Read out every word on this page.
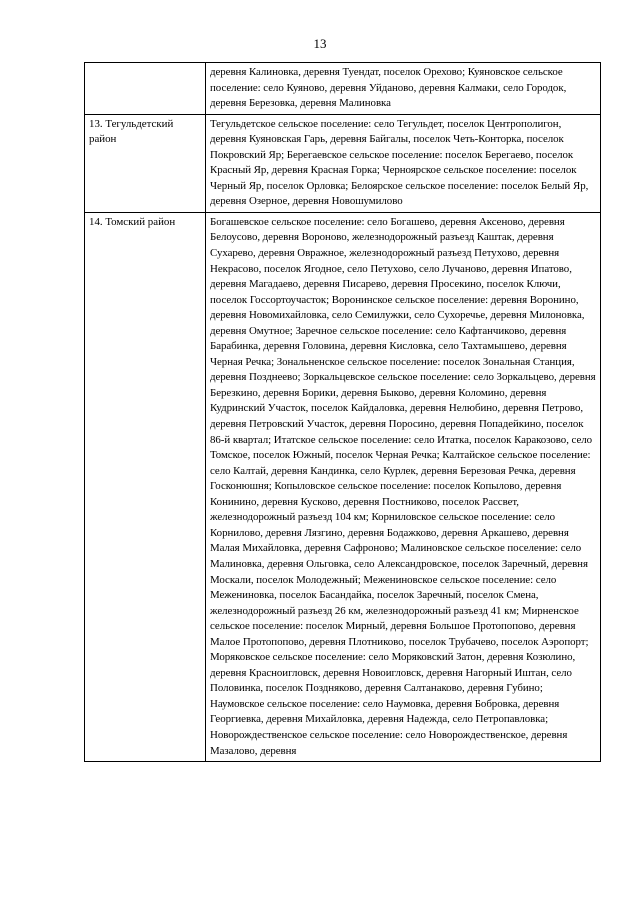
13

	деревня Калиновка, деревня Туендат, поселок Орехово; Куяновское сельское поселение: село Куяново, деревня Уйданово, деревня Калмаки, село Городок, деревня Березовка, деревня Малиновка

13. Тегульдетский район	Тегульдетское сельское поселение: село Тегульдет, поселок Центрополигон, деревня Куяновская Гарь, деревня Байгалы, поселок Четь-Конторка, поселок Покровский Яр; Берегаевское сельское поселение: поселок Берегаево, поселок Красный Яр, деревня Красная Горка; Черноярское сельское поселение: поселок Черный Яр, поселок Орловка; Белоярское сельское поселение: поселок Белый Яр, деревня Озерное, деревня Новошумилово

14. Томский район	Богашевское сельское поселение: село Богашево, деревня Аксеново, деревня Белоусово, деревня Вороново, железнодорожный разъезд Каштак, деревня Сухарево, деревня Овражное, железнодорожный разъезд Петухово, деревня Некрасово, поселок Ягодное, село Петухово, село Лучаново, деревня Ипатово, деревня Магадаево, деревня Писарево, деревня Просекино, поселок Ключи, поселок Госсортоучасток; Воронинское сельское поселение: деревня Воронино, деревня Новомихайловка, село Семилужки, село Сухоречье, деревня Милоновка, деревня Омутное; Заречное сельское поселение: село Кафтанчиково, деревня Барабинка, деревня Головина, деревня Кисловка, село Тахтамышево, деревня Черная Речка; Зональненское сельское поселение: поселок Зональная Станция, деревня Позднеево; Зоркальцевское сельское поселение: село Зоркальцево, деревня Березкино, деревня Борики, деревня Быково, деревня Коломино, деревня Кудринский Участок, поселок Кайдаловка, деревня Нелюбино, деревня Петрово, деревня Петровский Участок, деревня Поросино, деревня Попадейкино, поселок 86-й квартал; Итатское сельское поселение: село Итатка, поселок Каракозово, село Томское, поселок Южный, поселок Черная Речка; Калтайское сельское поселение: село Калтай, деревня Кандинка, село Курлек, деревня Березовая Речка, деревня Госконюшня; Копыловское сельское поселение: поселок Копылово, деревня Конинино, деревня Кусково, деревня Постниково, поселок Рассвет, железнодорожный разъезд 104 км; Корниловское сельское поселение: село Корнилово, деревня Лязгино, деревня Бодажково, деревня Аркашево, деревня Малая Михайловка, деревня Сафроново; Малиновское сельское поселение: село Малиновка, деревня Ольговка, село Александровское, поселок Заречный, деревня Москали, поселок Молодежный; Межениновское сельское поселение: село Межениновка, поселок Басандайка, поселок Заречный, поселок Смена, железнодорожный разъезд 26 км, железнодорожный разъезд 41 км; Мирненское сельское поселение: поселок Мирный, деревня Большое Протопопово, деревня Малое Протопопово, деревня Плотниково, поселок Трубачево, поселок Аэропорт; Моряковское сельское поселение: село Моряковский Затон, деревня Козюлино, деревня Красноигловск, деревня Новоигловск, деревня Нагорный Иштан, село Половинка, поселок Поздняково, деревня Салтанаково, деревня Губино; Наумовское сельское поселение: село Наумовка, деревня Бобровка, деревня Георгиевка, деревня Михайловка, деревня Надежда, село Петропавловка; Новорождественское сельское поселение: село Новорождественское, деревня Мазалово, деревня
